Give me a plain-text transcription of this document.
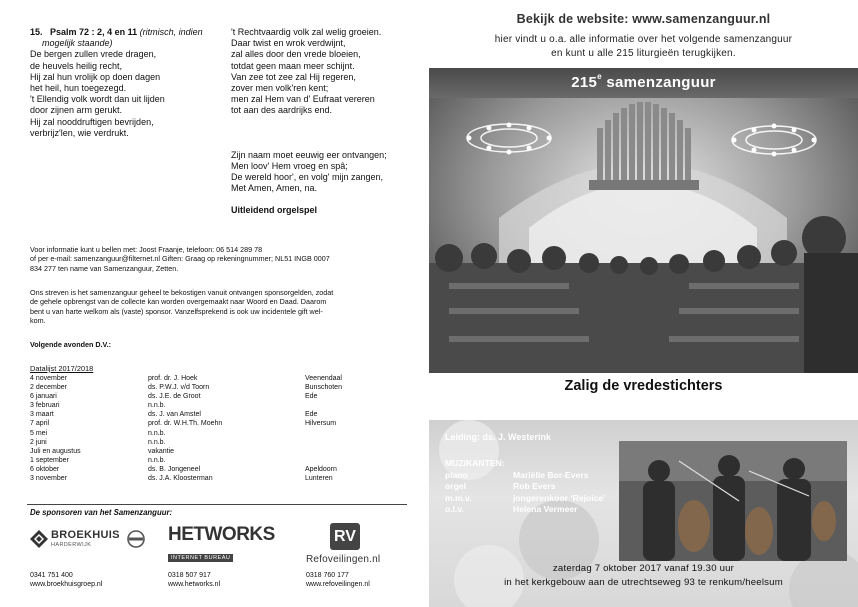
15. Psalm 72 : 2, 4 en 11 (ritmisch, indien
mogelijk staande)
De bergen zullen vrede dragen,
de heuvels heilig recht,
Hij zal hun vrolijk op doen dagen
het heil, hun toegezegd.
't Ellendig volk wordt dan uit lijden
door zijnen arm gerukt.
Hij zal nooddruftigen bevrijden,
verbrijz'len, wie verdrukt.
't Rechtvaardig volk zal welig groeien.
Daar twist en wrok verdwijnt,
zal alles door den vrede bloeien,
totdat geen maan meer schijnt.
Van zee tot zee zal Hij regeren,
zover men volk'ren kent;
men zal Hem van d' Eufraat vereren
tot aan des aardrijks end.
Zijn naam moet eeuwig eer ontvangen;
Men loov' Hem vroeg en spâ;
De wereld hoor', en volg' mijn zangen,
Met Amen, Amen, na.
Uitleidend orgelspel
Voor informatie kunt u bellen met: Joost Fraanje, telefoon: 06 514 289 78
of per e-mail: samenzanguur@filternet.nl Giften: Graag op rekeningnummer; NL51 INGB 0007
834 277 ten name van Samenzanguur, Zetten.
Ons streven is het samenzanguur geheel te bekostigen vanuit ontvangen sponsorgelden, zodat
de gehele opbrengst van de collecte kan worden overgemaakt naar Woord en Daad. Daarom
bent u van harte welkom als (vaste) sponsor. Vanzelfsprekend is ook uw incidentele gift wel-
kom.
Volgende avonden D.V.:
Datalijst 2017/2018
4 november	prof. dr. J. Hoek	Veenendaal
2 december	ds. P.W.J. v/d Toorn	Bunschoten
6 januari	ds. J.E. de Groot	Ede
3 februari	n.n.b.
3 maart	ds. J. van Amstel	Ede
7 april	prof. dr. W.H.Th. Moehn	Hilversum
5 mei	n.n.b.
2 juni	n.n.b.
Juli en augustus	vakantie
1 september	n.n.b.
6 oktober	ds. B. Jongeneel	Apeldoorn
3 november	ds. J.A. Kloosterman	Lunteren
De sponsoren van het Samenzanguur:
BROEKHUIS
HARDERWIJK
0341 751 400
www.broekhuisgroep.nl
HETWORKS
INTERNET BUREAU
0318 507 917
www.hetworks.nl
RV
Refoveilingen.nl
0318 760 177
www.refoveilingen.nl
Bekijk de website: www.samenzanguur.nl
hier vindt u o.a. alle informatie over het volgende samenzanguur
en kunt u alle 215 liturgieën terugkijken.
215e samenzanguur
Zalig de vredestichters
Leiding: ds. J. Westerink
MUZIKANTEN:
piano	Mariëlle Bor-Evers
orgel	Rob Evers
m.m.v.	jongerenkoor ‘Rejoice’
o.l.v.	Helena Vermeer
zaterdag 7 oktober 2017 vanaf 19.30 uur
in het kerkgebouw aan de utrechtseweg 93 te renkum/heelsum
